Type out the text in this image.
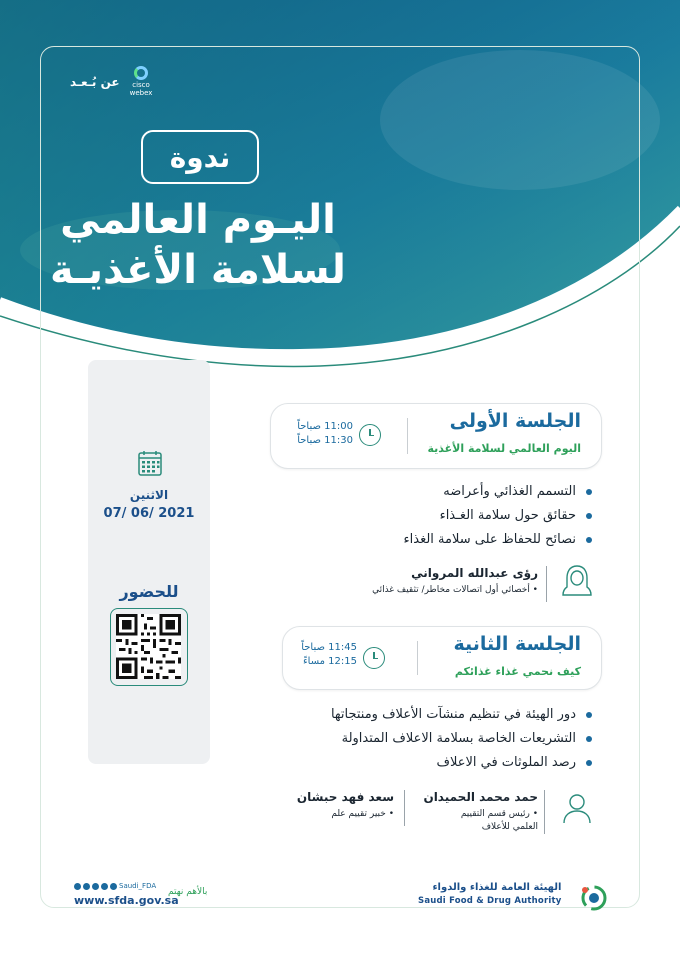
cisco
webex
عن بُـعـد
ندوة
اليـوم العالمي
لسلامة الأغذيـة
الاثنين
07/ 06/ 2021
للحضور
الجلسة الأولى
اليوم العالمي لسلامة الأغذية
11:00 صباحاً
11:30 صباحاً
التسمم الغذائي وأعراضه
حقائق حول سلامة الغـذاء
نصائح للحفاظ على سلامة الغذاء
رؤى عبدالله المرواني
• أخصائي أول اتصالات مخاطر/ تثقيف غذائي
الجلسة الثانية
كيف نحمي غذاء غذائكم
11:45 صباحاً
12:15 مساءً
دور الهيئة في تنظيم منشآت الأعلاف ومنتجاتها
التشريعات الخاصة بسلامة الاعلاف المتداولة
رصد الملوثات في الاعلاف
حمد محمد الحميدان
• رئيس قسم التقييم
العلمي للأعلاف
سعد فهد حبشان
• خبير تقييم علم
Saudi_FDA
www.sfda.gov.sa
بالأهم نهتم	الهيئة العامة للغذاء والدواء
Saudi Food & Drug Authority
